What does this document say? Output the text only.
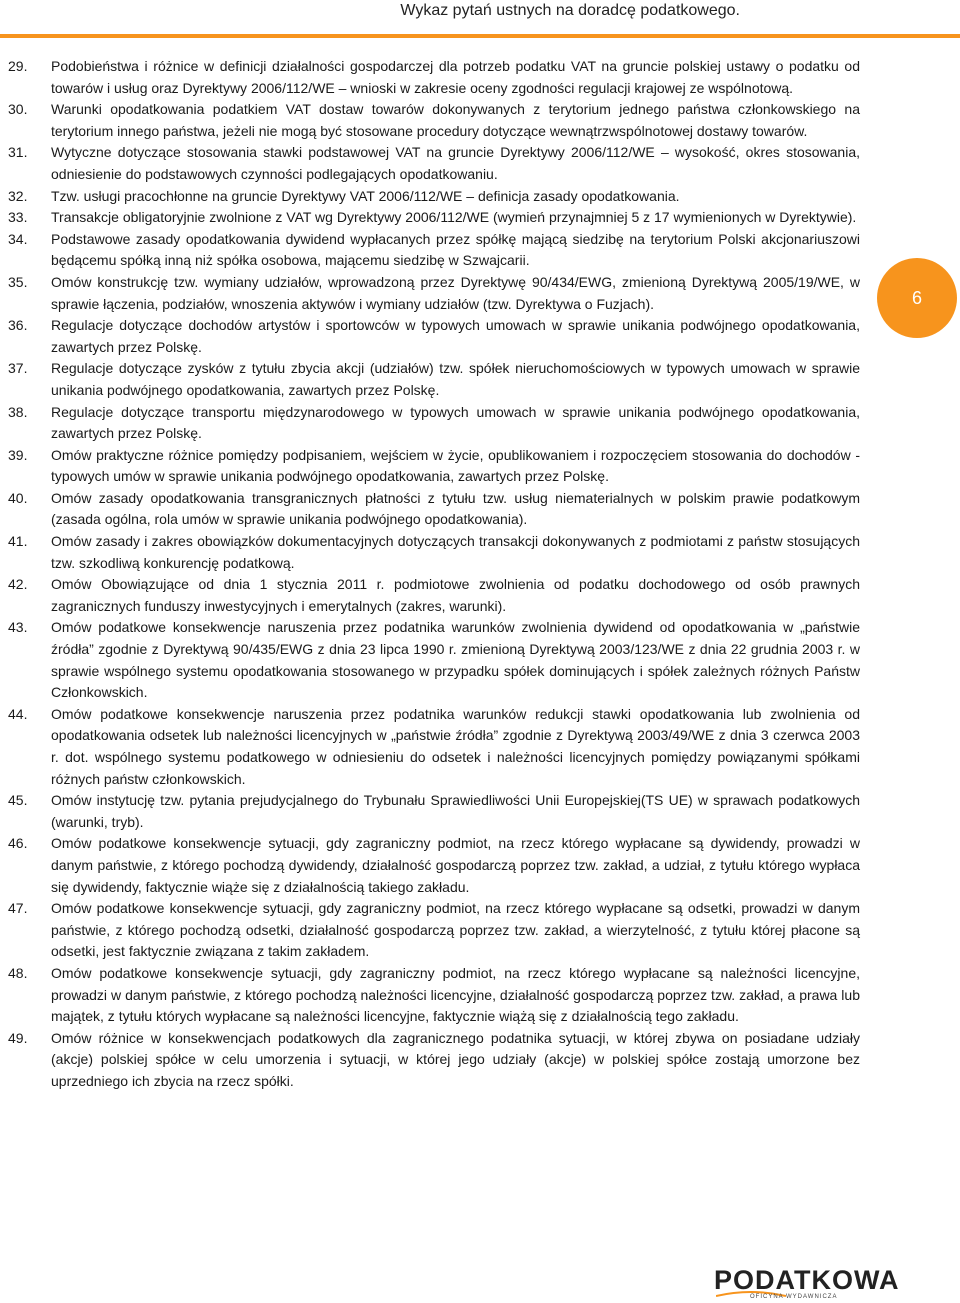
Wykaz pytań ustnych na doradcę podatkowego.
29.	Podobieństwa i różnice w definicji działalności gospodarczej dla potrzeb podatku VAT na gruncie polskiej ustawy o podatku od towarów i usług oraz Dyrektywy 2006/112/WE – wnioski w zakresie oceny zgodności regulacji krajowej ze wspólnotową.
30.	Warunki opodatkowania podatkiem VAT dostaw towarów dokonywanych z terytorium jednego państwa członkowskiego na terytorium innego państwa, jeżeli nie mogą być stosowane procedury dotyczące wewnątrzwspólnotowej dostawy towarów.
31.	Wytyczne dotyczące stosowania stawki podstawowej VAT na gruncie Dyrektywy 2006/112/WE – wysokość, okres stosowania, odniesienie do podstawowych czynności podlegających opodatkowaniu.
32.	Tzw. usługi pracochłonne na gruncie Dyrektywy VAT 2006/112/WE – definicja zasady opodatkowania.
33.	Transakcje obligatoryjnie zwolnione z VAT wg Dyrektywy 2006/112/WE (wymień przynajmniej 5 z 17 wymienionych w Dyrektywie).
34.	Podstawowe zasady opodatkowania dywidend wypłacanych przez spółkę mającą siedzibę na terytorium Polski akcjonariuszowi będącemu spółką inną niż spółka osobowa, mającemu siedzibę w Szwajcarii.
35.	Omów konstrukcję tzw. wymiany udziałów, wprowadzoną przez Dyrektywę 90/434/EWG, zmienioną Dyrektywą 2005/19/WE, w sprawie łączenia, podziałów, wnoszenia aktywów i wymiany udziałów (tzw. Dyrektywa o Fuzjach).
36.	Regulacje dotyczące dochodów artystów i sportowców w typowych umowach w sprawie unikania podwójnego opodatkowania, zawartych przez Polskę.
37.	Regulacje dotyczące zysków z tytułu zbycia akcji (udziałów) tzw. spółek nieruchomościowych w typowych umowach w sprawie unikania podwójnego opodatkowania, zawartych przez Polskę.
38.	Regulacje dotyczące transportu międzynarodowego w typowych umowach w sprawie unikania podwójnego opodatkowania, zawartych przez Polskę.
39.	Omów praktyczne różnice pomiędzy podpisaniem, wejściem w życie, opublikowaniem i rozpoczęciem stosowania do dochodów - typowych umów w sprawie unikania podwójnego opodatkowania, zawartych przez Polskę.
40.	Omów zasady opodatkowania transgranicznych płatności z tytułu tzw. usług niematerialnych w polskim prawie podatkowym (zasada ogólna, rola umów w sprawie unikania podwójnego opodatkowania).
41.	Omów zasady i zakres obowiązków dokumentacyjnych dotyczących transakcji dokonywanych z podmiotami z państw stosujących tzw. szkodliwą konkurencję podatkową.
42.	Omów Obowiązujące od dnia 1 stycznia 2011 r. podmiotowe zwolnienia od podatku dochodowego od osób prawnych zagranicznych funduszy inwestycyjnych i emerytalnych (zakres, warunki).
43.	Omów podatkowe konsekwencje naruszenia przez podatnika warunków zwolnienia dywidend od opodatkowania w „państwie źródła” zgodnie z Dyrektywą 90/435/EWG z dnia 23 lipca 1990 r. zmienioną Dyrektywą 2003/123/WE z dnia 22 grudnia 2003 r. w sprawie wspólnego systemu opodatkowania stosowanego w przypadku spółek dominujących i spółek zależnych różnych Państw Członkowskich.
44.	Omów podatkowe konsekwencje naruszenia przez podatnika warunków redukcji stawki opodatkowania lub zwolnienia od opodatkowania odsetek lub należności licencyjnych w „państwie źródła” zgodnie z Dyrektywą 2003/49/WE z dnia 3 czerwca 2003 r. dot. wspólnego systemu podatkowego w odniesieniu do odsetek i należności licencyjnych pomiędzy powiązanymi spółkami różnych państw członkowskich.
45.	Omów instytucję tzw. pytania prejudycjalnego do Trybunału Sprawiedliwości Unii Europejskiej(TS UE) w sprawach podatkowych (warunki, tryb).
46.	Omów podatkowe konsekwencje sytuacji, gdy zagraniczny podmiot, na rzecz którego wypłacane są dywidendy, prowadzi w danym państwie, z którego pochodzą dywidendy, działalność gospodarczą poprzez tzw. zakład, a udział, z tytułu którego wypłaca się dywidendy, faktycznie wiąże się z działalnością takiego zakładu.
47.	Omów podatkowe konsekwencje sytuacji, gdy zagraniczny podmiot, na rzecz którego wypłacane są odsetki, prowadzi w danym państwie, z którego pochodzą odsetki, działalność gospodarczą poprzez tzw. zakład, a wierzytelność, z tytułu której płacone są odsetki, jest faktycznie związana z takim zakładem.
48.	Omów podatkowe konsekwencje sytuacji, gdy zagraniczny podmiot, na rzecz którego wypłacane są należności licencyjne, prowadzi w danym państwie, z którego pochodzą należności licencyjne, działalność gospodarczą poprzez tzw. zakład, a prawa lub majątek, z tytułu których wypłacane są należności licencyjne, faktycznie wiążą się z działalnością tego zakładu.
49.	Omów różnice w konsekwencjach podatkowych dla zagranicznego podatnika sytuacji, w której zbywa on posiadane udziały (akcje) polskiej spółce w celu umorzenia i sytuacji, w której jego udziały (akcje) w polskiej spółce zostają umorzone bez uprzedniego ich zbycia na rzecz spółki.
6
PODATKOWA
OFICYNA WYDAWNICZA
